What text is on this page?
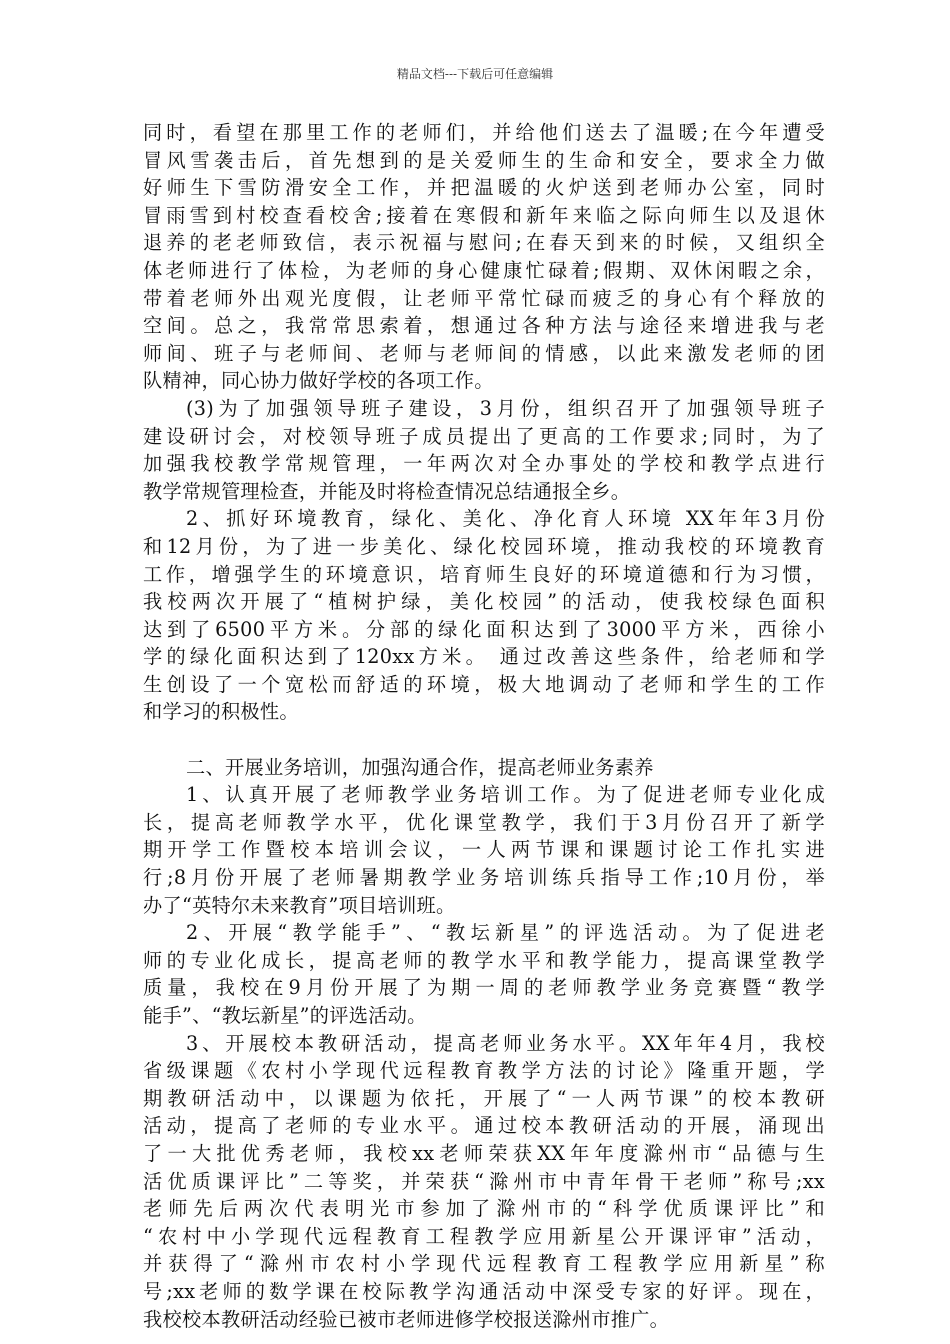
精品文档---下载后可任意编辑
同时，看望在那里工作的老师们，并给他们送去了温暖;在今年遭受
冒风雪袭击后，首先想到的是关爱师生的生命和安全，要求全力做
好师生下雪防滑安全工作，并把温暖的火炉送到老师办公室，同时
冒雨雪到村校查看校舍;接着在寒假和新年来临之际向师生以及退休
退养的老老师致信，表示祝福与慰问;在春天到来的时候，又组织全
体老师进行了体检，为老师的身心健康忙碌着;假期、双休闲暇之余，
带着老师外出观光度假，让老师平常忙碌而疲乏的身心有个释放的
空间。总之，我常常思索着，想通过各种方法与途径来增进我与老
师间、班子与老师间、老师与老师间的情感，以此来激发老师的团
队精神，同心协力做好学校的各项工作。
(3)为了加强领导班子建设，3月份，组织召开了加强领导班子
建设研讨会，对校领导班子成员提出了更高的工作要求;同时，为了
加强我校教学常规管理，一年两次对全办事处的学校和教学点进行
教学常规管理检查，并能及时将检查情况总结通报全乡。
2、抓好环境教育，绿化、美化、净化育人环境 XX年年3月份
和12月份，为了进一步美化、绿化校园环境，推动我校的环境教育
工作，增强学生的环境意识，培育师生良好的环境道德和行为习惯，
我校两次开展了“植树护绿，美化校园”的活动，使我校绿色面积
达到了6500平方米。分部的绿化面积达到了3000平方米，西徐小
学的绿化面积达到了120xx方米。 通过改善这些条件，给老师和学
生创设了一个宽松而舒适的环境，极大地调动了老师和学生的工作
和学习的积极性。
二、开展业务培训，加强沟通合作，提高老师业务素养
1、认真开展了老师教学业务培训工作。为了促进老师专业化成
长，提高老师教学水平，优化课堂教学，我们于3月份召开了新学
期开学工作暨校本培训会议，一人两节课和课题讨论工作扎实进
行;8月份开展了老师暑期教学业务培训练兵指导工作;10月份，举
办了“英特尔未来教育”项目培训班。
2、开展“教学能手”、“教坛新星”的评选活动。为了促进老
师的专业化成长，提高老师的教学水平和教学能力，提高课堂教学
质量，我校在9月份开展了为期一周的老师教学业务竞赛暨“教学
能手”、“教坛新星”的评选活动。
3、开展校本教研活动，提高老师业务水平。XX年年4月，我校
省级课题《农村小学现代远程教育教学方法的讨论》隆重开题，学
期教研活动中，以课题为依托，开展了“一人两节课”的校本教研
活动，提高了老师的专业水平。通过校本教研活动的开展，涌现出
了一大批优秀老师，我校xx老师荣获XX年年度滁州市“品德与生
活优质课评比”二等奖，并荣获“滁州市中青年骨干老师”称号;xx
老师先后两次代表明光市参加了滁州市的“科学优质课评比”和
“农村中小学现代远程教育工程教学应用新星公开课评审”活动，
并获得了“滁州市农村小学现代远程教育工程教学应用新星”称
号;xx老师的数学课在校际教学沟通活动中深受专家的好评。现在，
我校校本教研活动经验已被市老师进修学校报送滁州市推广。
